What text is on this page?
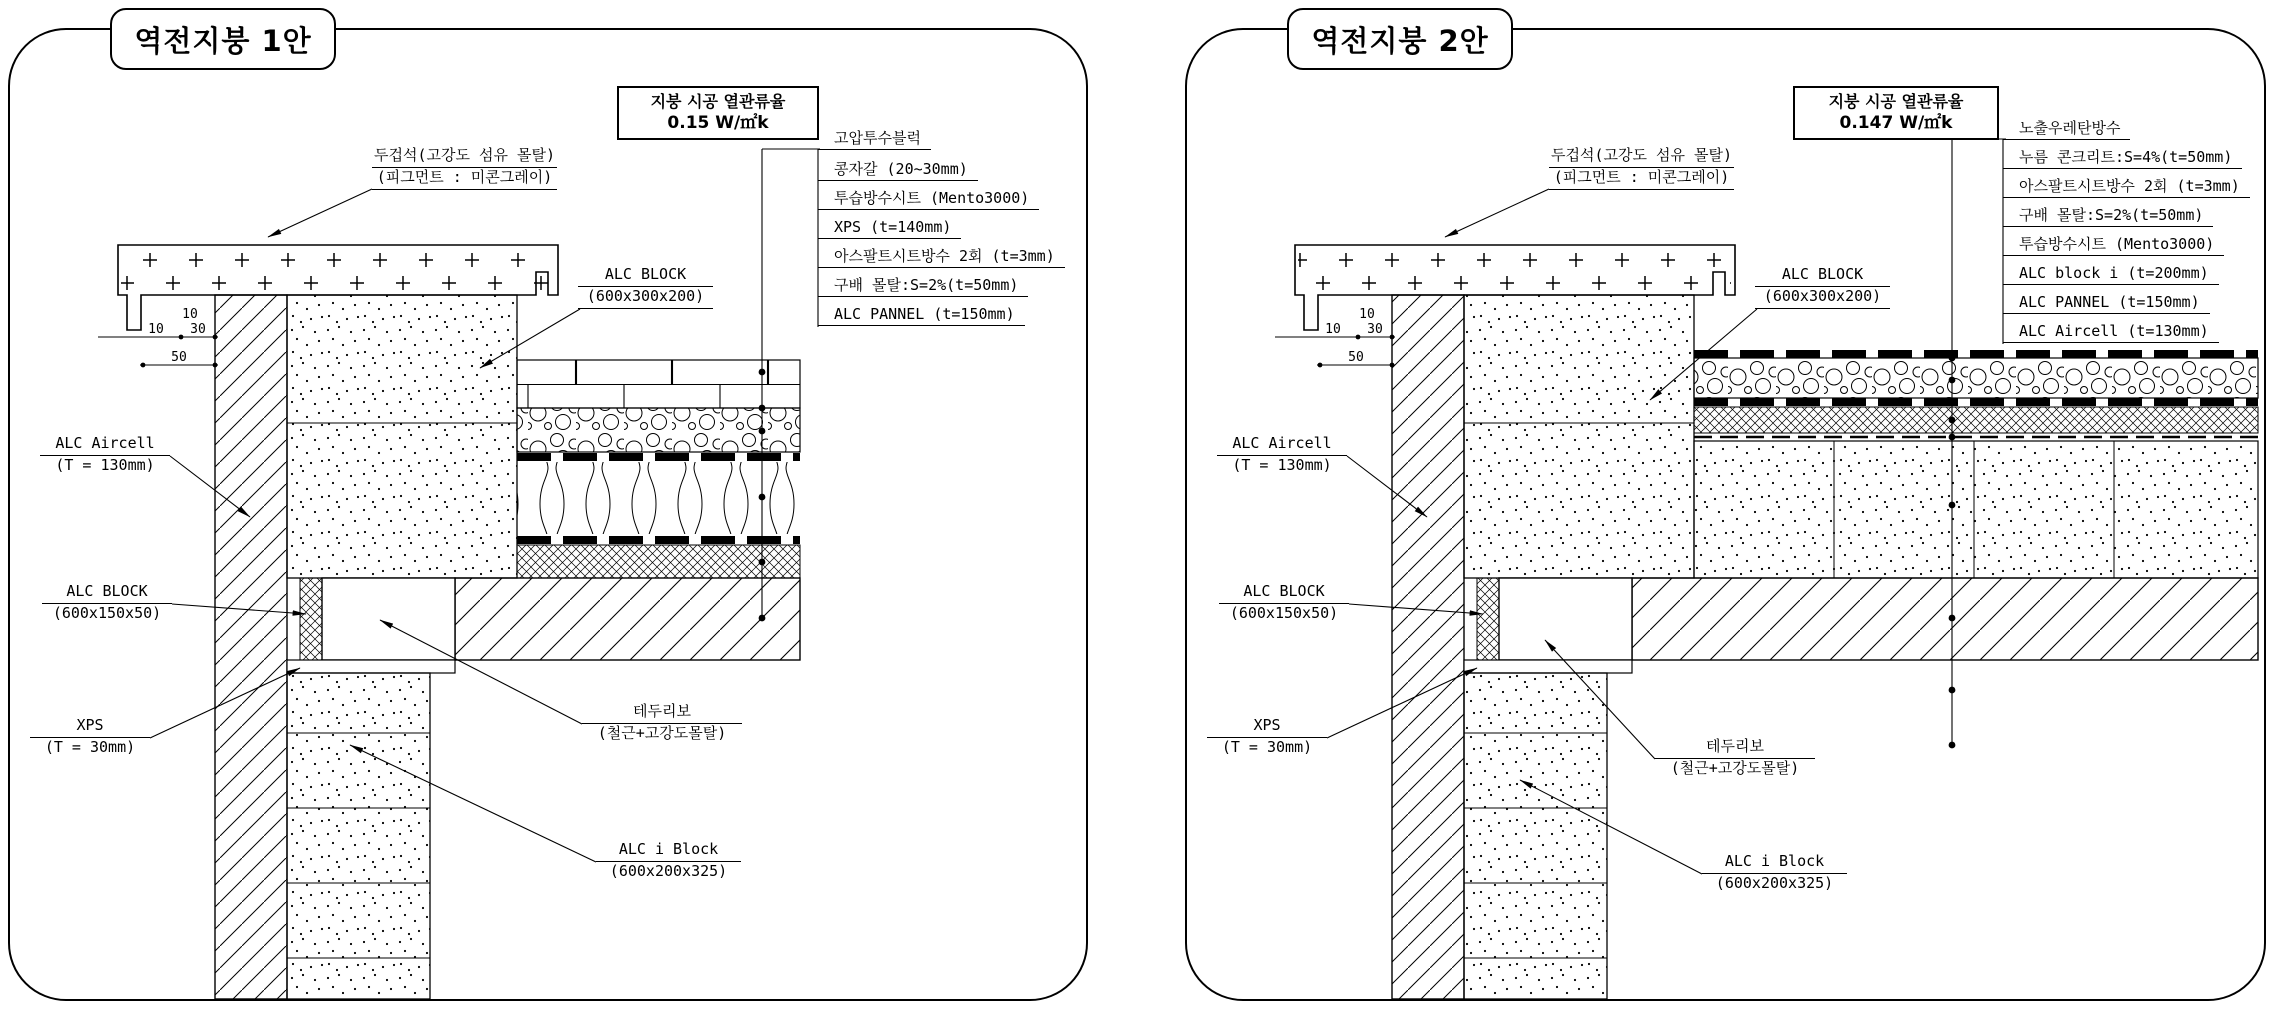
10 30
10
50
10 30
10
50
역전지붕 1안	역전지붕 2안
지붕 시공 열관류율
0.15 W/㎡k
지붕 시공 열관류율
0.147 W/㎡k
고압투수블럭
콩자갈 (20~30mm)
투습방수시트 (Mento3000)
XPS (t=140mm)
아스팔트시트방수 2회 (t=3mm)
구배 몰탈:S=2%(t=50mm)
ALC PANNEL (t=150mm)
노출우레탄방수
누름 콘크리트:S=4%(t=50mm)
아스팔트시트방수 2회 (t=3mm)
구배 몰탈:S=2%(t=50mm)
투습방수시트 (Mento3000)
ALC block i (t=200mm)
ALC PANNEL (t=150mm)
ALC Aircell (t=130mm)
두겁석(고강도 섬유 몰탈)
(피그먼트 : 미콘그레이)
ALC BLOCK
(600x300x200)
ALC Aircell
(T = 130mm)
ALC BLOCK
(600x150x50)
XPS
(T = 30mm)
테두리보
(철근+고강도몰탈)
ALC i Block
(600x200x325)
두겁석(고강도 섬유 몰탈)
(피그먼트 : 미콘그레이)
ALC BLOCK
(600x300x200)
ALC Aircell
(T = 130mm)
ALC BLOCK
(600x150x50)
XPS
(T = 30mm)	테두리보
(철근+고강도몰탈)
ALC i Block
(600x200x325)
